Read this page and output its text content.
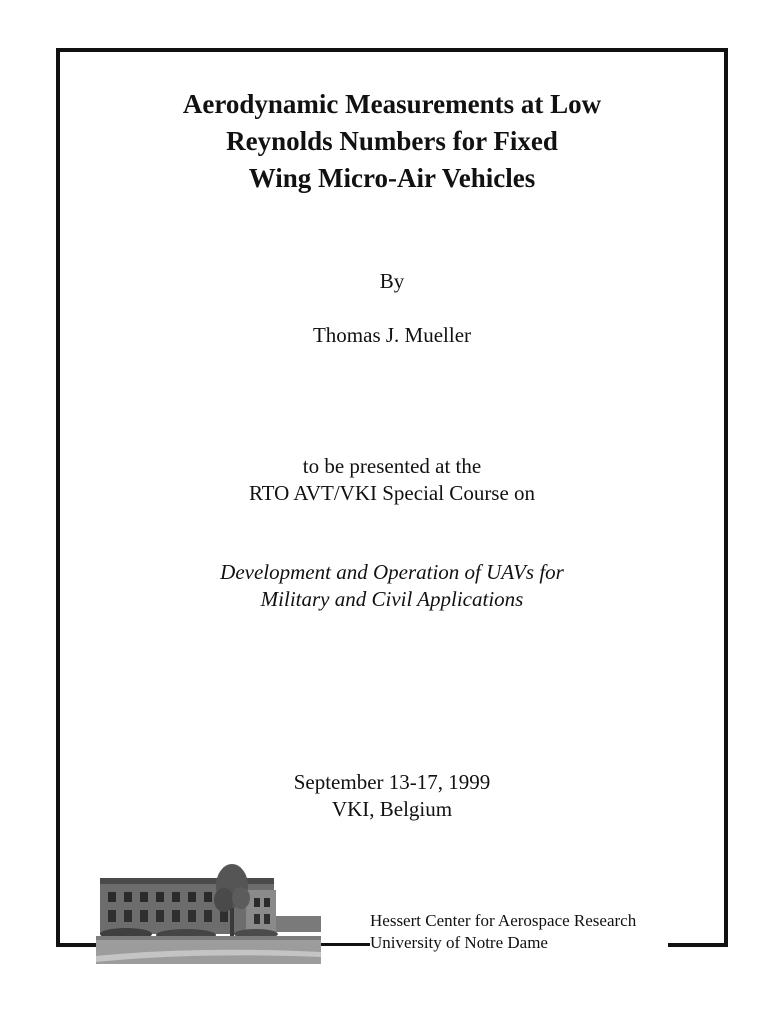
Aerodynamic Measurements at Low
Reynolds Numbers for Fixed
Wing Micro-Air Vehicles
By
Thomas J. Mueller
to be presented at the
RTO AVT/VKI Special Course on
Development and Operation of UAVs for
Military and Civil Applications
September 13-17, 1999
VKI, Belgium
Hessert Center for Aerospace Research
University of Notre Dame
